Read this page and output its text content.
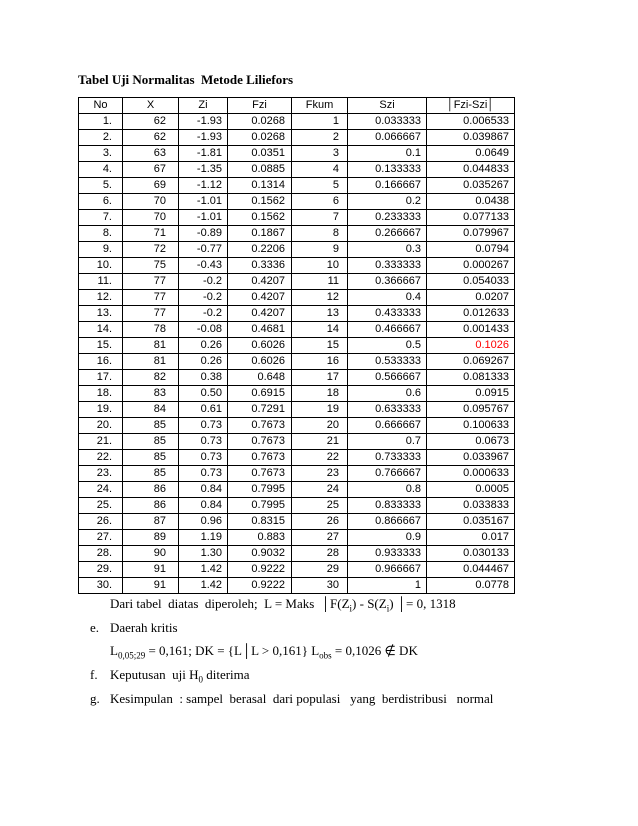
Tabel Uji Normalitas  Metode Liliefors
No	X	Zi	Fzi	Fkum	Szi	│Fzi-Szi│
1.	62	-1.93	0.0268	1	0.033333	0.006533
2.	62	-1.93	0.0268	2	0.066667	0.039867
3.	63	-1.81	0.0351	3	0.1	0.0649
4.	67	-1.35	0.0885	4	0.133333	0.044833
5.	69	-1.12	0.1314	5	0.166667	0.035267
6.	70	-1.01	0.1562	6	0.2	0.0438
7.	70	-1.01	0.1562	7	0.233333	0.077133
8.	71	-0.89	0.1867	8	0.266667	0.079967
9.	72	-0.77	0.2206	9	0.3	0.0794
10.	75	-0.43	0.3336	10	0.333333	0.000267
11.	77	-0.2	0.4207	11	0.366667	0.054033
12.	77	-0.2	0.4207	12	0.4	0.0207
13.	77	-0.2	0.4207	13	0.433333	0.012633
14.	78	-0.08	0.4681	14	0.466667	0.001433
15.	81	0.26	0.6026	15	0.5	0.1026
16.	81	0.26	0.6026	16	0.533333	0.069267
17.	82	0.38	0.648	17	0.566667	0.081333
18.	83	0.50	0.6915	18	0.6	0.0915
19.	84	0.61	0.7291	19	0.633333	0.095767
20.	85	0.73	0.7673	20	0.666667	0.100633
21.	85	0.73	0.7673	21	0.7	0.0673
22.	85	0.73	0.7673	22	0.733333	0.033967
23.	85	0.73	0.7673	23	0.766667	0.000633
24.	86	0.84	0.7995	24	0.8	0.0005
25.	86	0.84	0.7995	25	0.833333	0.033833
26.	87	0.96	0.8315	26	0.866667	0.035167
27.	89	1.19	0.883	27	0.9	0.017
28.	90	1.30	0.9032	28	0.933333	0.030133
29.	91	1.42	0.9222	29	0.966667	0.044467
30.	91	1.42	0.9222	30	1	0.0778
Dari tabel  diatas  diperoleh;  L = Maks  $│F(Z_i) - S(Z_i)$ │= 0, 1318
e. Daerah kritis
$L_{0,05;29} = 0,161$; DK = {L│L > 0,161} $L_{obs} = 0,1026$ ∉ DK
f. Keputusan  uji $H_0$ diterima
g. Kesimpulan  : sampel  berasal  dari populasi   yang  berdistribusi   normal
